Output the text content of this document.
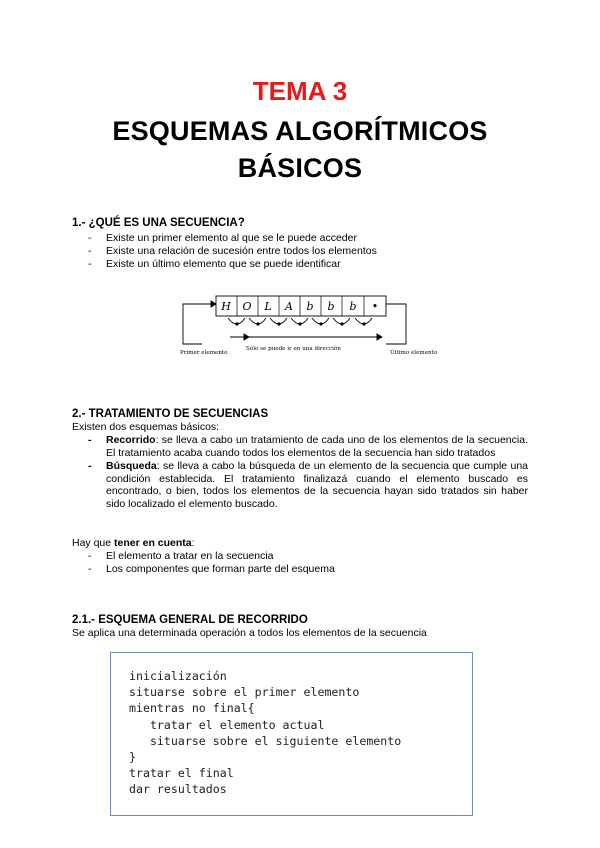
TEMA 3
ESQUEMAS ALGORÍTMICOS
BÁSICOS
1.- ¿QUÉ ES UNA SECUENCIA?
- Existe un primer elemento al que se le puede acceder
- Existe una relación de sucesión entre todos los elementos
- Existe un último elemento que se puede identificar
H O L A b b b •
Primer elemento
Sólo se puede ir en una dirección
Último elemento
2.- TRATAMIENTO DE SECUENCIAS
Existen dos esquemas básicos:
- Recorrido: se lleva a cabo un tratamiento de cada uno de los elementos de la secuencia. El tratamiento acaba cuando todos los elementos de la secuencia han sido tratados
- Búsqueda: se lleva a cabo la búsqueda de un elemento de la secuencia que cumple una condición establecida. El tratamiento finalizazá cuando el elemento buscado es encontrado, o bien, todos los elementos de la secuencia hayan sido tratados sin haber sido localizado el elemento buscado.
Hay que tener en cuenta:
- El elemento a tratar en la secuencia
- Los componentes que forman parte del esquema
2.1.- ESQUEMA GENERAL DE RECORRIDO
Se aplica una determinada operación a todos los elementos de la secuencia
inicialización
situarse sobre el primer elemento
mientras no final{
tratar el elemento actual
situarse sobre el siguiente elemento
}
tratar el final
dar resultados
